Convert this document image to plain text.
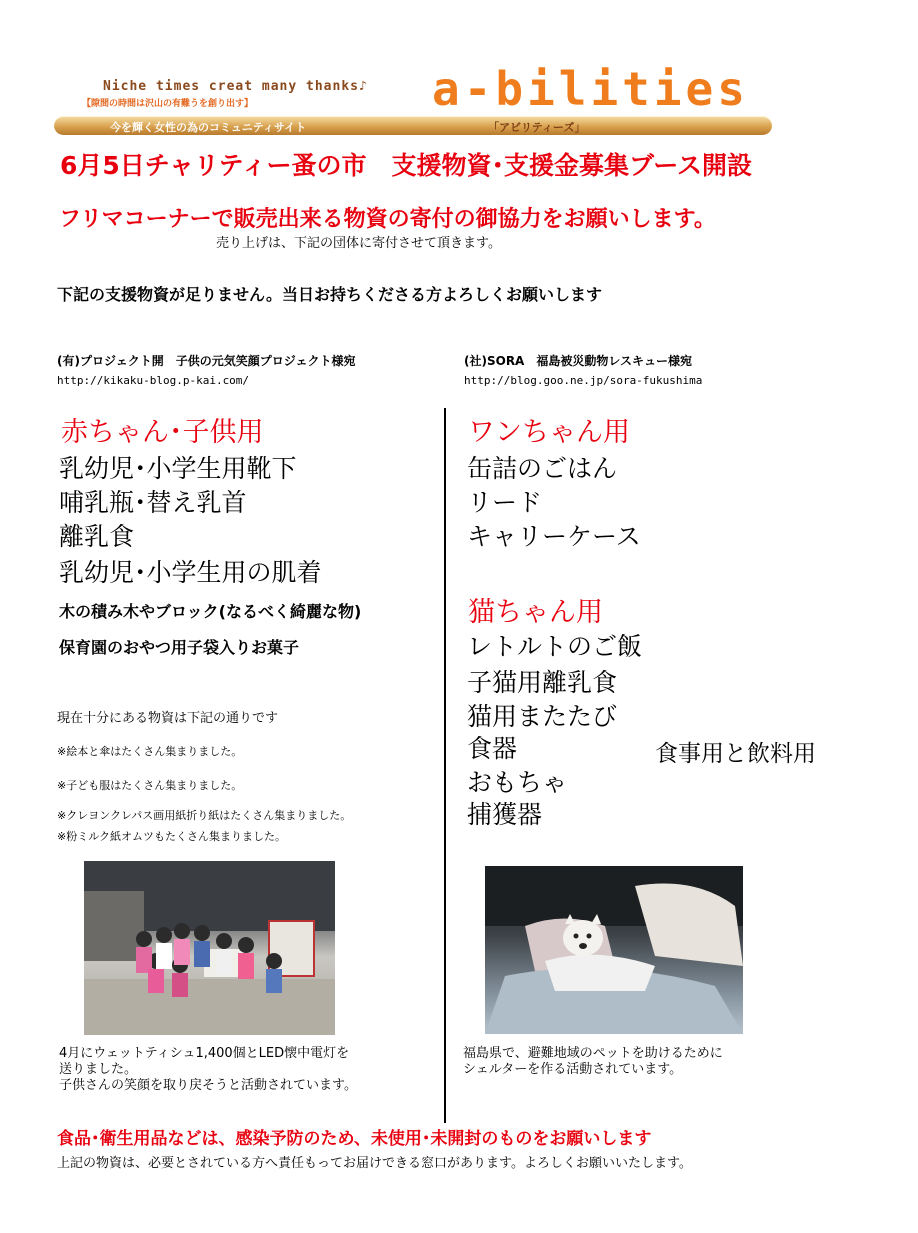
Niche times creat many thanks♪
【隙間の時間は沢山の有難うを創り出す】	a-bilities
今を輝く女性の為のコミュニティサイト	「アビリティーズ」
6月5日チャリティー蚤の市　支援物資･支援金募集ブース開設
フリマコーナーで販売出来る物資の寄付の御協力をお願いします。
売り上げは、下記の団体に寄付させて頂きます。
下記の支援物資が足りません。当日お持ちくださる方よろしくお願いします
(有)プロジェクト開　子供の元気笑顔プロジェクト様宛
http://kikaku-blog.p-kai.com/
赤ちゃん･子供用
乳幼児･小学生用靴下
哺乳瓶･替え乳首
離乳食
乳幼児･小学生用の肌着
木の積み木やブロック(なるべく綺麗な物)
保育園のおやつ用子袋入りお菓子
現在十分にある物資は下記の通りです
※絵本と傘はたくさん集まりました。
※子ども服はたくさん集まりました。
※クレヨンクレパス画用紙折り紙はたくさん集まりました。
※粉ミルク紙オムツもたくさん集まりました。
4月にウェットティシュ1,400個とLED懐中電灯を
送りました。
子供さんの笑顔を取り戻そうと活動されています。
(社)SORA　福島被災動物レスキュー様宛
http://blog.goo.ne.jp/sora-fukushima
ワンちゃん用
缶詰のごはん
リード
キャリーケース
猫ちゃん用
レトルトのご飯
子猫用離乳食
猫用またたび
食器	食事用と飲料用
おもちゃ
捕獲器
福島県で、避難地域のペットを助けるために
シェルターを作る活動されています。
食品･衛生用品などは、感染予防のため、未使用･未開封のものをお願いします
上記の物資は、必要とされている方へ責任もってお届けできる窓口があります。よろしくお願いいたします。
